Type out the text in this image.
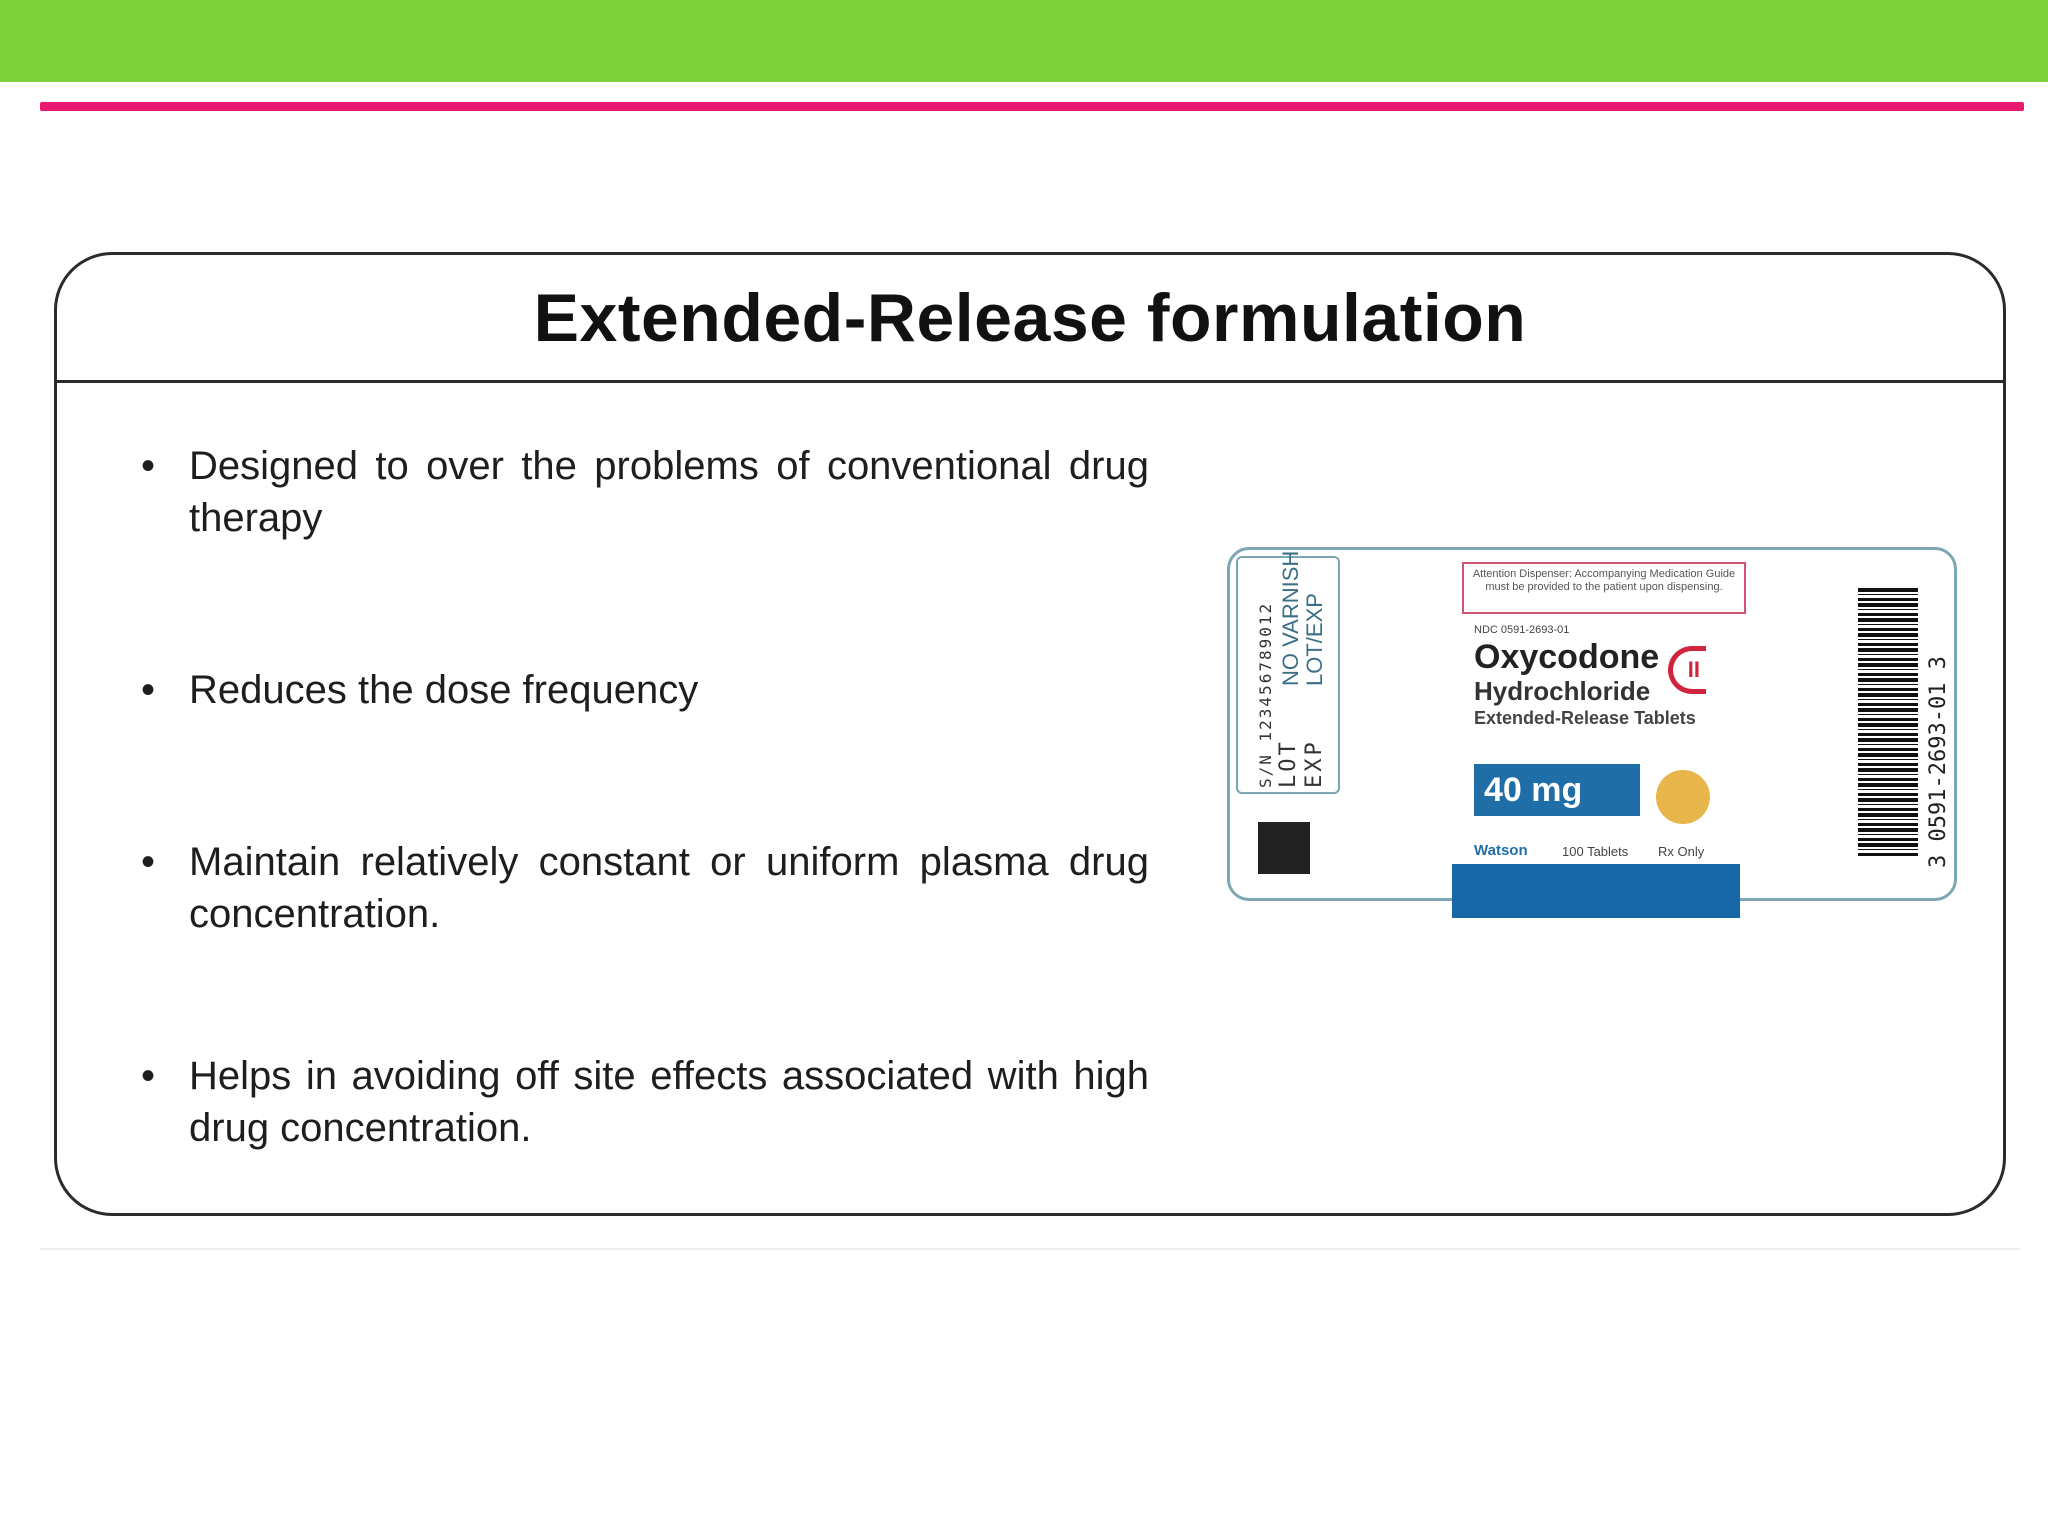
Extended-Release formulation
• Designed to over the problems of conventional drug therapy
• Reduces the dose frequency
• Maintain relatively constant or uniform plasma drug concentration.
• Helps in avoiding off site effects associated with high drug concentration.
S/N 123456789012 LOT EXP
NO VARNISH LOT/EXP
Attention Dispenser: Accompanying Medication Guide must be provided to the patient upon dispensing.
NDC 0591-2693-01
Oxycodone
Hydrochloride
Extended-Release Tablets
II
40 mg
Watson	100 Tablets Rx Only	3 0591-2693-01 3
